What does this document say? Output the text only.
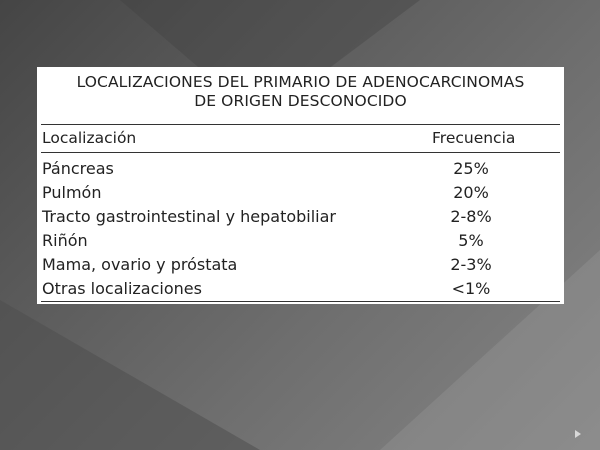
LOCALIZACIONES DEL PRIMARIO DE ADENOCARCINOMAS
DE ORIGEN DESCONOCIDO
Localización	Frecuencia
Páncreas	25%
Pulmón	20%
Tracto gastrointestinal y hepatobiliar	2-8%
Riñón	5%
Mama, ovario y próstata	2-3%
Otras localizaciones	<1%
